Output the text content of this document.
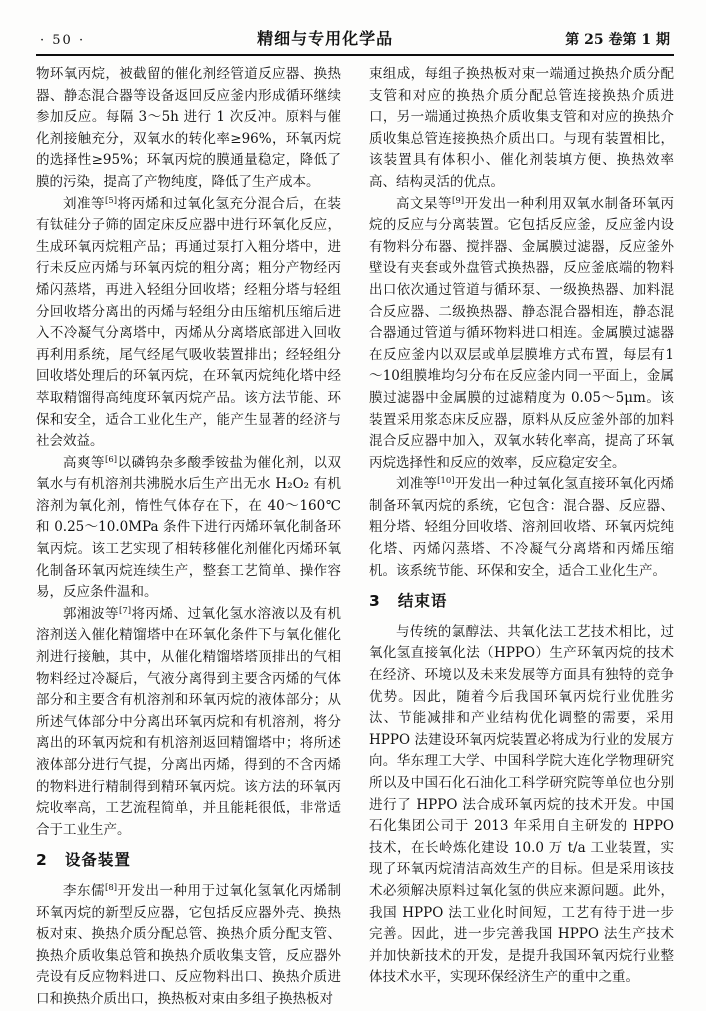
· 50 ·	精细与专用化学品	第 25 卷第 1 期

物环氧丙烷，被截留的催化剂经管道反应器、换热器、静态混合器等设备返回反应釜内形成循环继续参加反应。每隔 3～5h 进行 1 次反冲。原料与催化剂接触充分，双氧水的转化率≥96%，环氧丙烷的选择性≥95%；环氧丙烷的膜通量稳定，降低了膜的污染，提高了产物纯度，降低了生产成本。

刘准等[5]将丙烯和过氧化氢充分混合后，在装有钛硅分子筛的固定床反应器中进行环氧化反应，生成环氧丙烷粗产品；再通过泵打入粗分塔中，进行未反应丙烯与环氧丙烷的粗分离；粗分产物经丙烯闪蒸塔，再进入轻组分回收塔；经粗分塔与轻组分回收塔分离出的丙烯与轻组分由压缩机压缩后进入不冷凝气分离塔中，丙烯从分离塔底部进入回收再利用系统，尾气经尾气吸收装置排出；经轻组分回收塔处理后的环氧丙烷，在环氧丙烷纯化塔中经萃取精馏得高纯度环氧丙烷产品。该方法节能、环保和安全，适合工业化生产，能产生显著的经济与社会效益。

高爽等[6]以磷钨杂多酸季铵盐为催化剂，以双氧水与有机溶剂共沸脱水后生产出无水 H₂O₂ 有机溶剂为氧化剂，惰性气体存在下，在 40～160℃和 0.25～10.0MPa 条件下进行丙烯环氧化制备环氧丙烷。该工艺实现了相转移催化剂催化丙烯环氧化制备环氧丙烷连续生产，整套工艺简单、操作容易，反应条件温和。

郭湘波等[7]将丙烯、过氧化氢水溶液以及有机溶剂送入催化精馏塔中在环氧化条件下与氧化催化剂进行接触，其中，从催化精馏塔塔顶排出的气相物料经过冷凝后，气液分离得到主要含丙烯的气体部分和主要含有机溶剂和环氧丙烷的液体部分；从所述气体部分中分离出环氧丙烷和有机溶剂，将分离出的环氧丙烷和有机溶剂返回精馏塔中；将所述液体部分进行气提，分离出丙烯，得到的不含丙烯的物料进行精制得到精环氧丙烷。该方法的环氧丙烷收率高，工艺流程简单，并且能耗很低，非常适合于工业生产。

2 设备装置

李东儒[8]开发出一种用于过氧化氢氧化丙烯制环氧丙烷的新型反应器，它包括反应器外壳、换热板对束、换热介质分配总管、换热介质分配支管、换热介质收集总管和换热介质收集支管，反应器外壳设有反应物料进口、反应物料出口、换热介质进口和换热介质出口，换热板对束由多组子换热板对

束组成，每组子换热板对束一端通过换热介质分配支管和对应的换热介质分配总管连接换热介质进口，另一端通过换热介质收集支管和对应的换热介质收集总管连接换热介质出口。与现有装置相比，该装置具有体积小、催化剂装填方便、换热效率高、结构灵活的优点。

高文杲等[9]开发出一种利用双氧水制备环氧丙烷的反应与分离装置。它包括反应釜，反应釜内设有物料分布器、搅拌器、金属膜过滤器，反应釜外壁设有夹套或外盘管式换热器，反应釜底端的物料出口依次通过管道与循环泵、一级换热器、加料混合反应器、二级换热器、静态混合器相连，静态混合器通过管道与循环物料进口相连。金属膜过滤器在反应釜内以双层或单层膜堆方式布置，每层有1～10组膜堆均匀分布在反应釜内同一平面上，金属膜过滤器中金属膜的过滤精度为 0.05～5μm。该装置采用浆态床反应器，原料从反应釜外部的加料混合反应器中加入，双氧水转化率高，提高了环氧丙烷选择性和反应的效率，反应稳定安全。

刘准等[10]开发出一种过氧化氢直接环氧化丙烯制备环氧丙烷的系统，它包含：混合器、反应器、粗分塔、轻组分回收塔、溶剂回收塔、环氧丙烷纯化塔、丙烯闪蒸塔、不冷凝气分离塔和丙烯压缩机。该系统节能、环保和安全，适合工业化生产。

3 结束语

与传统的氯醇法、共氧化法工艺技术相比，过氧化氢直接氧化法（HPPO）生产环氧丙烷的技术在经济、环境以及未来发展等方面具有独特的竞争优势。因此，随着今后我国环氧丙烷行业优胜劣汰、节能减排和产业结构优化调整的需要，采用 HPPO 法建设环氧丙烷装置必将成为行业的发展方向。华东理工大学、中国科学院大连化学物理研究所以及中国石化石油化工科学研究院等单位也分别进行了 HPPO 法合成环氧丙烷的技术开发。中国石化集团公司于 2013 年采用自主研发的 HPPO 技术，在长岭炼化建设 10.0 万 t/a 工业装置，实现了环氧丙烷清洁高效生产的目标。但是采用该技术必须解决原料过氧化氢的供应来源问题。此外，我国 HPPO 法工业化时间短，工艺有待于进一步完善。因此，进一步完善我国 HPPO 法生产技术并加快新技术的开发，是提升我国环氧丙烷行业整体技术水平，实现环保经济生产的重中之重。
